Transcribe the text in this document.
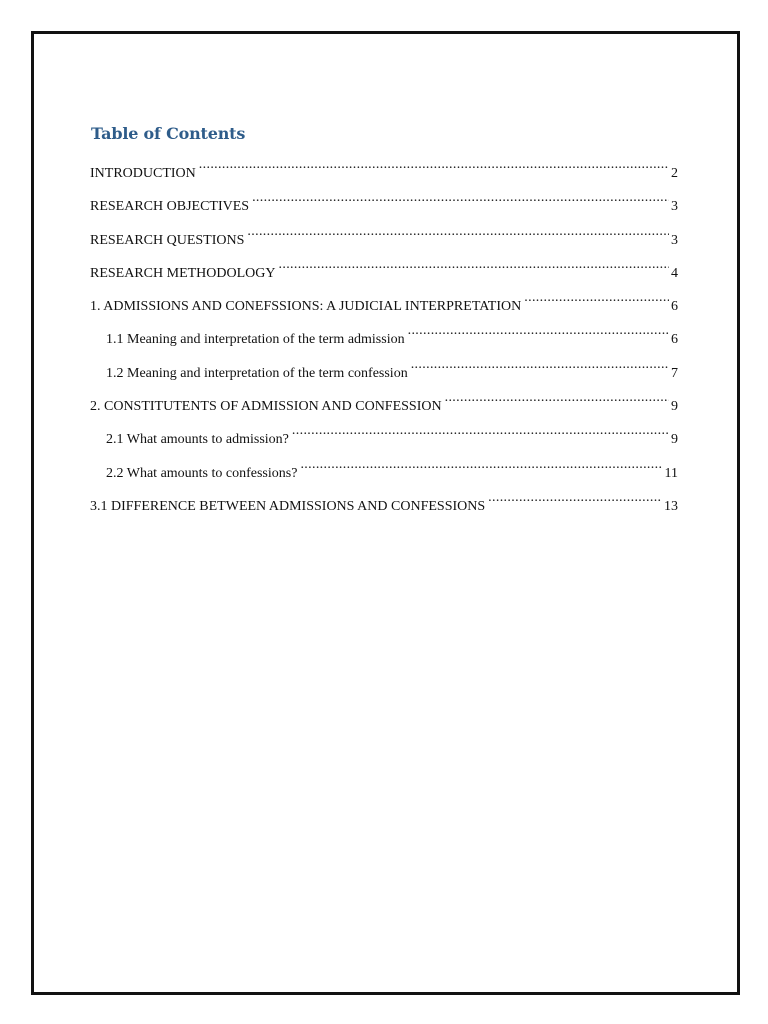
Table of Contents
INTRODUCTION .....	2
RESEARCH OBJECTIVES .....	3
RESEARCH QUESTIONS .....	3
RESEARCH METHODOLOGY .....	4
1. ADMISSIONS AND CONEFSSIONS: A JUDICIAL INTERPRETATION .....	6
1.1 Meaning and interpretation of the term admission .....	6
1.2 Meaning and interpretation of the term confession .....	7
2. CONSTITUTENTS OF ADMISSION AND CONFESSION .....	9
2.1 What amounts to admission? .....	9
2.2 What amounts to confessions? .....	11
3.1 DIFFERENCE BETWEEN ADMISSIONS AND CONFESSIONS .....	13
